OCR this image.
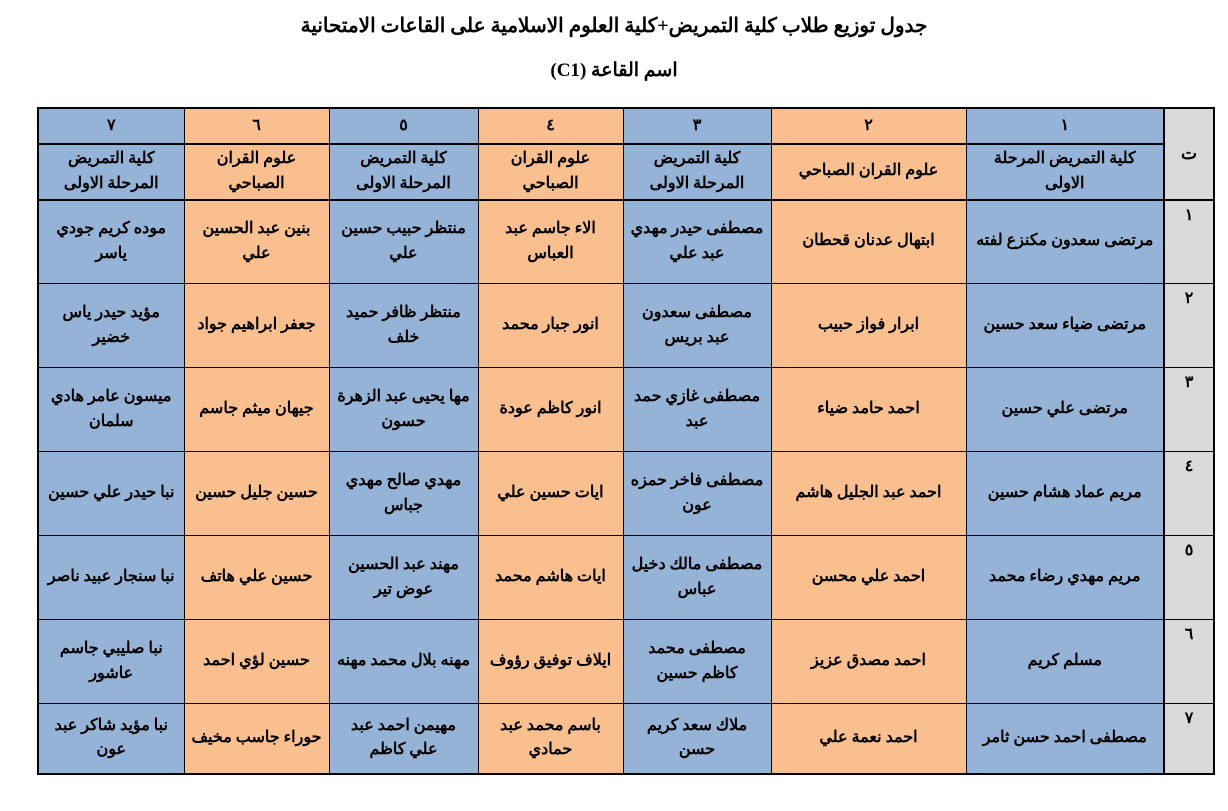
جدول توزيع طلاب كلية التمريض+كلية العلوم الاسلامية على القاعات الامتحانية
اسم القاعة (C1)
ت	١	٢	٣	٤	٥	٦	٧
	كلية التمريض المرحلة الاولى	علوم القران الصباحي	كلية التمريض المرحلة الاولى	علوم القران الصباحي	كلية التمريض المرحلة الاولى	علوم القران الصباحي	كلية التمريض المرحلة الاولى
١	مرتضى سعدون مكنزع لفته	ابتهال عدنان قحطان	مصطفى حيدر مهدي عبد علي	الاء جاسم عبد العباس	منتظر حبيب حسين علي	بنين عبد الحسين علي	موده كريم جودي ياسر
٢	مرتضى ضياء سعد حسين	ابرار فواز حبيب	مصطفى سعدون عبد بريس	انور جبار محمد	منتظر ظافر حميد خلف	جعفر ابراهيم جواد	مؤيد حيدر ياس خضير
٣	مرتضى علي حسين	احمد حامد ضياء	مصطفى غازي حمد عبد	انور كاظم عودة	مها يحيى عبد الزهرة حسون	جيهان ميثم جاسم	ميسون عامر هادي سلمان
٤	مريم عماد هشام حسين	احمد عبد الجليل هاشم	مصطفى فاخر حمزه عون	ايات حسين علي	مهدي صالح مهدي جباس	حسين جليل حسين	نبا حيدر علي حسين
٥	مريم مهدي رضاء محمد	احمد علي محسن	مصطفى مالك دخيل عباس	ايات هاشم محمد	مهند عبد الحسين عوض تير	حسين علي هاتف	نبا سنجار عبيد ناصر
٦	مسلم كريم	احمد مصدق عزيز	مصطفى محمد كاظم حسين	ايلاف توفيق رؤوف	مهنه بلال محمد مهنه	حسين لؤي احمد	نبا صليبي جاسم عاشور
٧	مصطفى احمد حسن ثامر	احمد نعمة علي	ملاك سعد كريم حسن	باسم محمد عبد حمادي	مهيمن احمد عبد علي كاظم	حوراء جاسب مخيف	نبا مؤيد شاكر عبد عون
